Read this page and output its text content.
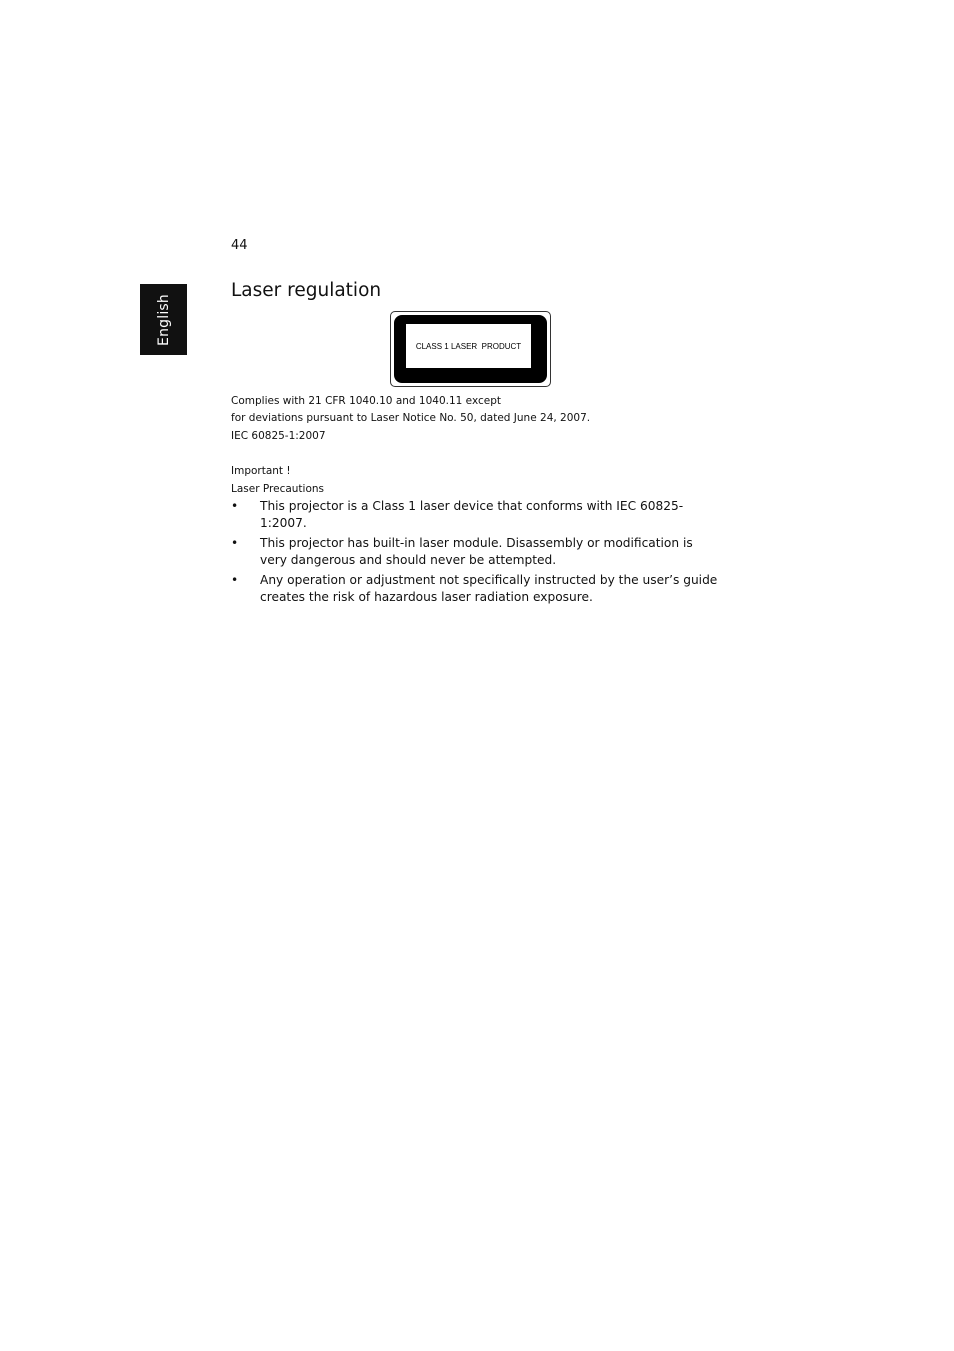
44
English
Laser regulation
CLASS 1 LASER  PRODUCT
Complies with 21 CFR 1040.10 and 1040.11 except
for deviations pursuant to Laser Notice No. 50, dated June 24, 2007.
IEC 60825-1:2007
Important !
Laser Precautions
• This projector is a Class 1 laser device that conforms with IEC 60825-1:2007.
• This projector has built-in laser module. Disassembly or modification is very dangerous and should never be attempted.
• Any operation or adjustment not specifically instructed by the user’s guide creates the risk of hazardous laser radiation exposure.
